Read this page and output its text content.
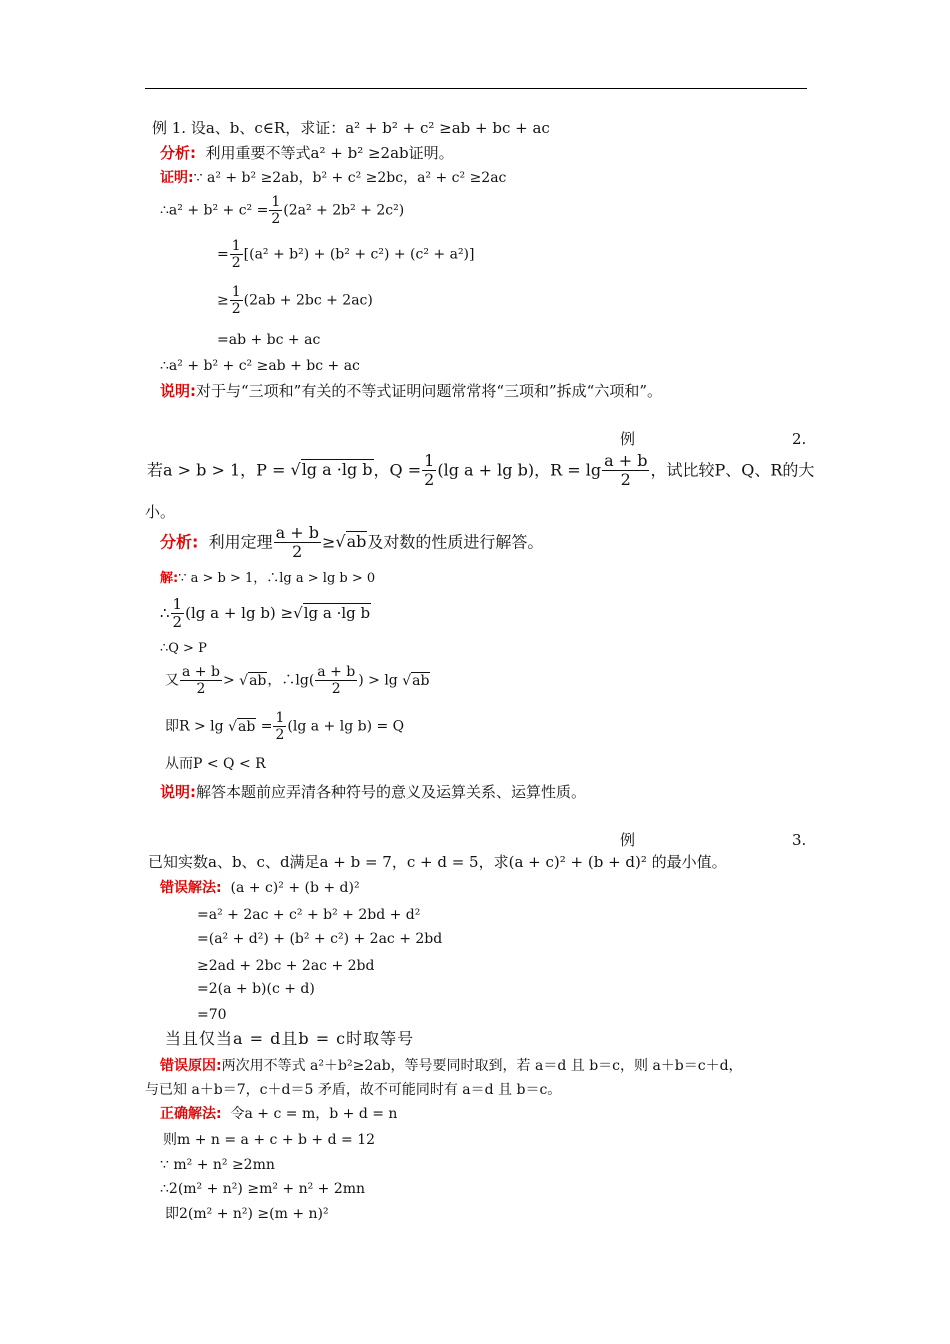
例 1. 设a、b、c∈R，求证：a² + b² + c² ≥ab + bc + ac
分析: 利用重要不等式a² + b² ≥2ab证明。
证明:∵ a² + b² ≥2ab，b² + c² ≥2bc，a² + c² ≥2ac
∴a² + $b^2 + c^2 = \frac{1}{2} (2a^2 + 2b^2 + 2c^2)$
= $\frac{1}{2} [(a^2 + b^2) + (b^2 + c^2) + (c^2 + a^2)]$
≥ $\frac{1}{2} (2ab + 2bc + 2ac)$
=ab + bc + ac
∴a² + b² + c² ≥ab + bc + ac
说明:对于与“三项和”有关的不等式证明问题常常将“三项和”拆成“六项和”。
例	2.
若a > b > 1，P = √lg a ·lg b，$Q = \frac{1}{2} (\lg$ a + lg b)，$R = \lg \frac{a + b}{2}$ ，试比较P、Q、R的大
小。
分析: 利用定理 $\frac{a + b}{2} \ge√ab$及对数的性质进行解答。
解:∵ a > b > 1，∴lg a > lg b > 0
∴ $\frac{1}{2} (\lg$ a + lg b) ≥√lg a ·lg b
∴Q > P
又 $\frac{a + b}{2} > √ab$，∴lg( $\frac{a + b}{2}$ ) > lg √ab
即$R > \lg √ab = \frac{1}{2} (\lg$ a + lg b) = Q
从而P < Q < R
说明:解答本题前应弄清各种符号的意义及运算关系、运算性质。
例	3.
已知实数a、b、c、d满足a + b = 7，c + d = 5，求(a + c)² + (b + d)² 的最小值。
错误解法: (a + c)² + (b + d)²
=a² + 2ac + c² + b² + 2bd + d²
=(a² + d²) + (b² + c²) + 2ac + 2bd
≥2ad + 2bc + 2ac + 2bd
=2(a + b)(c + d)
=70
当且仅当a = d且b = c时取等号
错误原因:两次用不等式 a²＋b²≥2ab，等号要同时取到，若 a＝d 且 b＝c，则 a＋b＝c＋d，
与已知 a＋b＝7，c＋d＝5 矛盾，故不可能同时有 a＝d 且 b＝c。
正确解法: 令a + c = m，b + d = n
则m + n = a + c + b + d = 12
∵ m² + n² ≥2mn
∴2(m² + n²) ≥m² + n² + 2mn
即2(m² + n²) ≥(m + n)²
